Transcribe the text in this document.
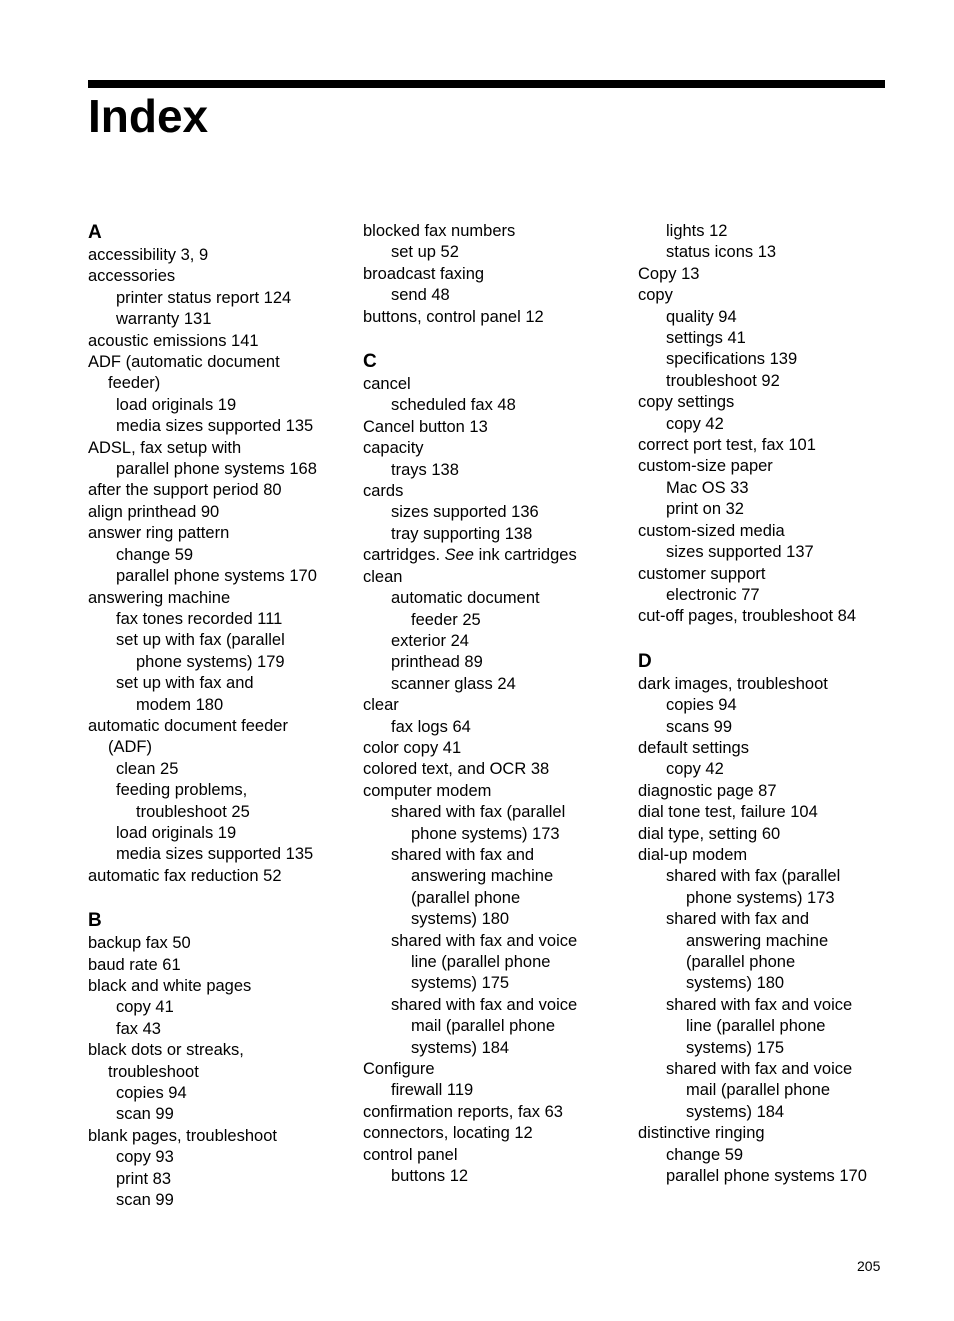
Index
A
accessibility 3, 9
accessories
printer status report 124
warranty 131
acoustic emissions 141
ADF (automatic document
feeder)
load originals 19
media sizes supported 135
ADSL, fax setup with
parallel phone systems 168
after the support period 80
align printhead 90
answer ring pattern
change 59
parallel phone systems 170
answering machine
fax tones recorded 111
set up with fax (parallel
phone systems) 179
set up with fax and
modem 180
automatic document feeder
(ADF)
clean 25
feeding problems,
troubleshoot 25
load originals 19
media sizes supported 135
automatic fax reduction 52
B
backup fax 50
baud rate 61
black and white pages
copy 41
fax 43
black dots or streaks,
troubleshoot
copies 94
scan 99
blank pages, troubleshoot
copy 93
print 83
scan 99
blocked fax numbers
set up 52
broadcast faxing
send 48
buttons, control panel 12
C
cancel
scheduled fax 48
Cancel button 13
capacity
trays 138
cards
sizes supported 136
tray supporting 138
cartridges. See ink cartridges
clean
automatic document
feeder 25
exterior 24
printhead 89
scanner glass 24
clear
fax logs 64
color copy 41
colored text, and OCR 38
computer modem
shared with fax (parallel
phone systems) 173
shared with fax and
answering machine
(parallel phone
systems) 180
shared with fax and voice
line (parallel phone
systems) 175
shared with fax and voice
mail (parallel phone
systems) 184
Configure
firewall 119
confirmation reports, fax 63
connectors, locating 12
control panel
buttons 12
lights 12
status icons 13
Copy 13
copy
quality 94
settings 41
specifications 139
troubleshoot 92
copy settings
copy 42
correct port test, fax 101
custom-size paper
Mac OS 33
print on 32
custom-sized media
sizes supported 137
customer support
electronic 77
cut-off pages, troubleshoot 84
D
dark images, troubleshoot
copies 94
scans 99
default settings
copy 42
diagnostic page 87
dial tone test, failure 104
dial type, setting 60
dial-up modem
shared with fax (parallel
phone systems) 173
shared with fax and
answering machine
(parallel phone
systems) 180
shared with fax and voice
line (parallel phone
systems) 175
shared with fax and voice
mail (parallel phone
systems) 184
distinctive ringing
change 59
parallel phone systems 170
205
